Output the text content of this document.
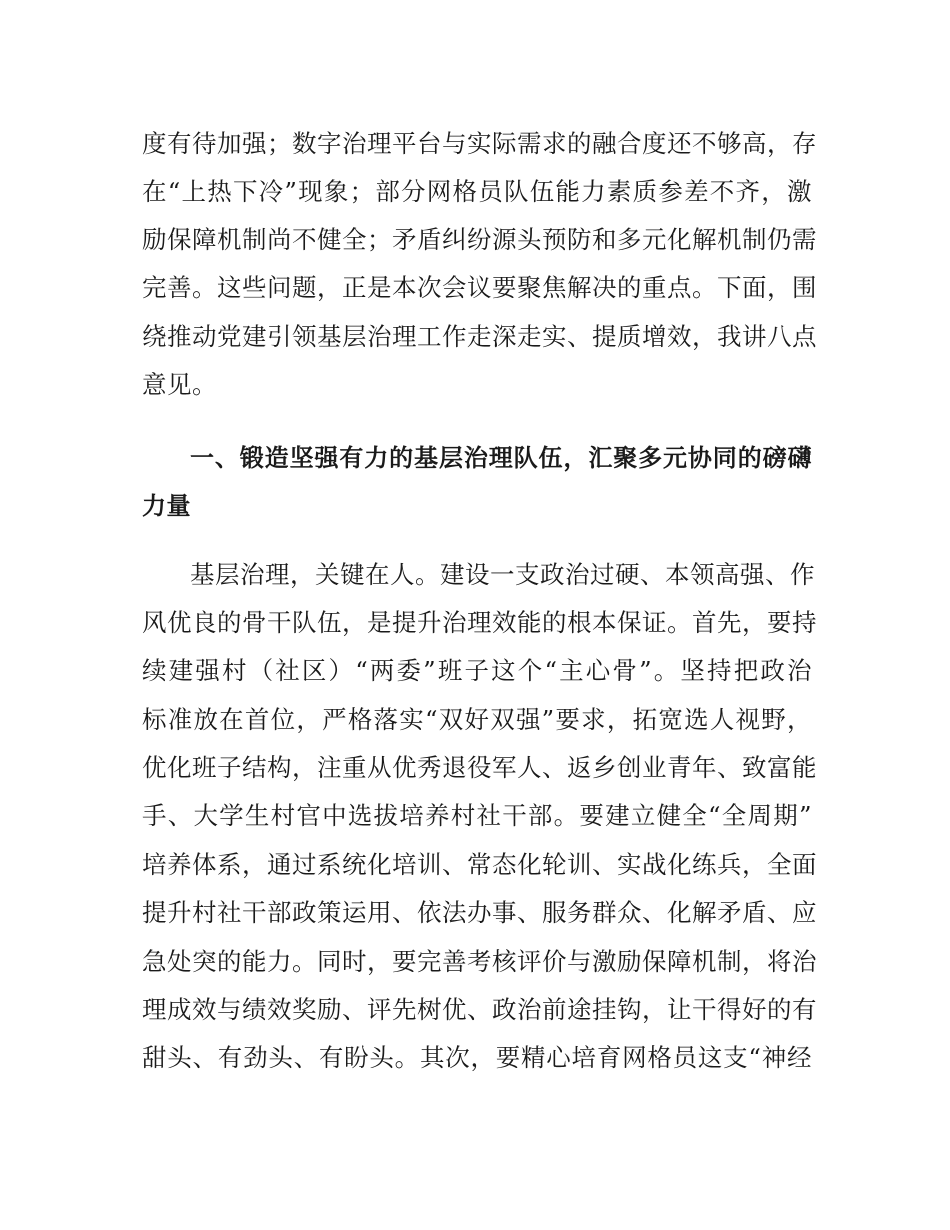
度有待加强；数字治理平台与实际需求的融合度还不够高，存
在“上热下冷”现象；部分网格员队伍能力素质参差不齐，激
励保障机制尚不健全；矛盾纠纷源头预防和多元化解机制仍需
完善。这些问题，正是本次会议要聚焦解决的重点。下面，围
绕推动党建引领基层治理工作走深走实、提质增效，我讲八点
意见。
一、锻造坚强有力的基层治理队伍，汇聚多元协同的磅礴
力量
基层治理，关键在人。建设一支政治过硬、本领高强、作
风优良的骨干队伍，是提升治理效能的根本保证。首先，要持
续建强村（社区）“两委”班子这个“主心骨”。坚持把政治
标准放在首位，严格落实“双好双强”要求，拓宽选人视野，
优化班子结构，注重从优秀退役军人、返乡创业青年、致富能
手、大学生村官中选拔培养村社干部。要建立健全“全周期”
培养体系，通过系统化培训、常态化轮训、实战化练兵，全面
提升村社干部政策运用、依法办事、服务群众、化解矛盾、应
急处突的能力。同时，要完善考核评价与激励保障机制，将治
理成效与绩效奖励、评先树优、政治前途挂钩，让干得好的有
甜头、有劲头、有盼头。其次，要精心培育网格员这支“神经
